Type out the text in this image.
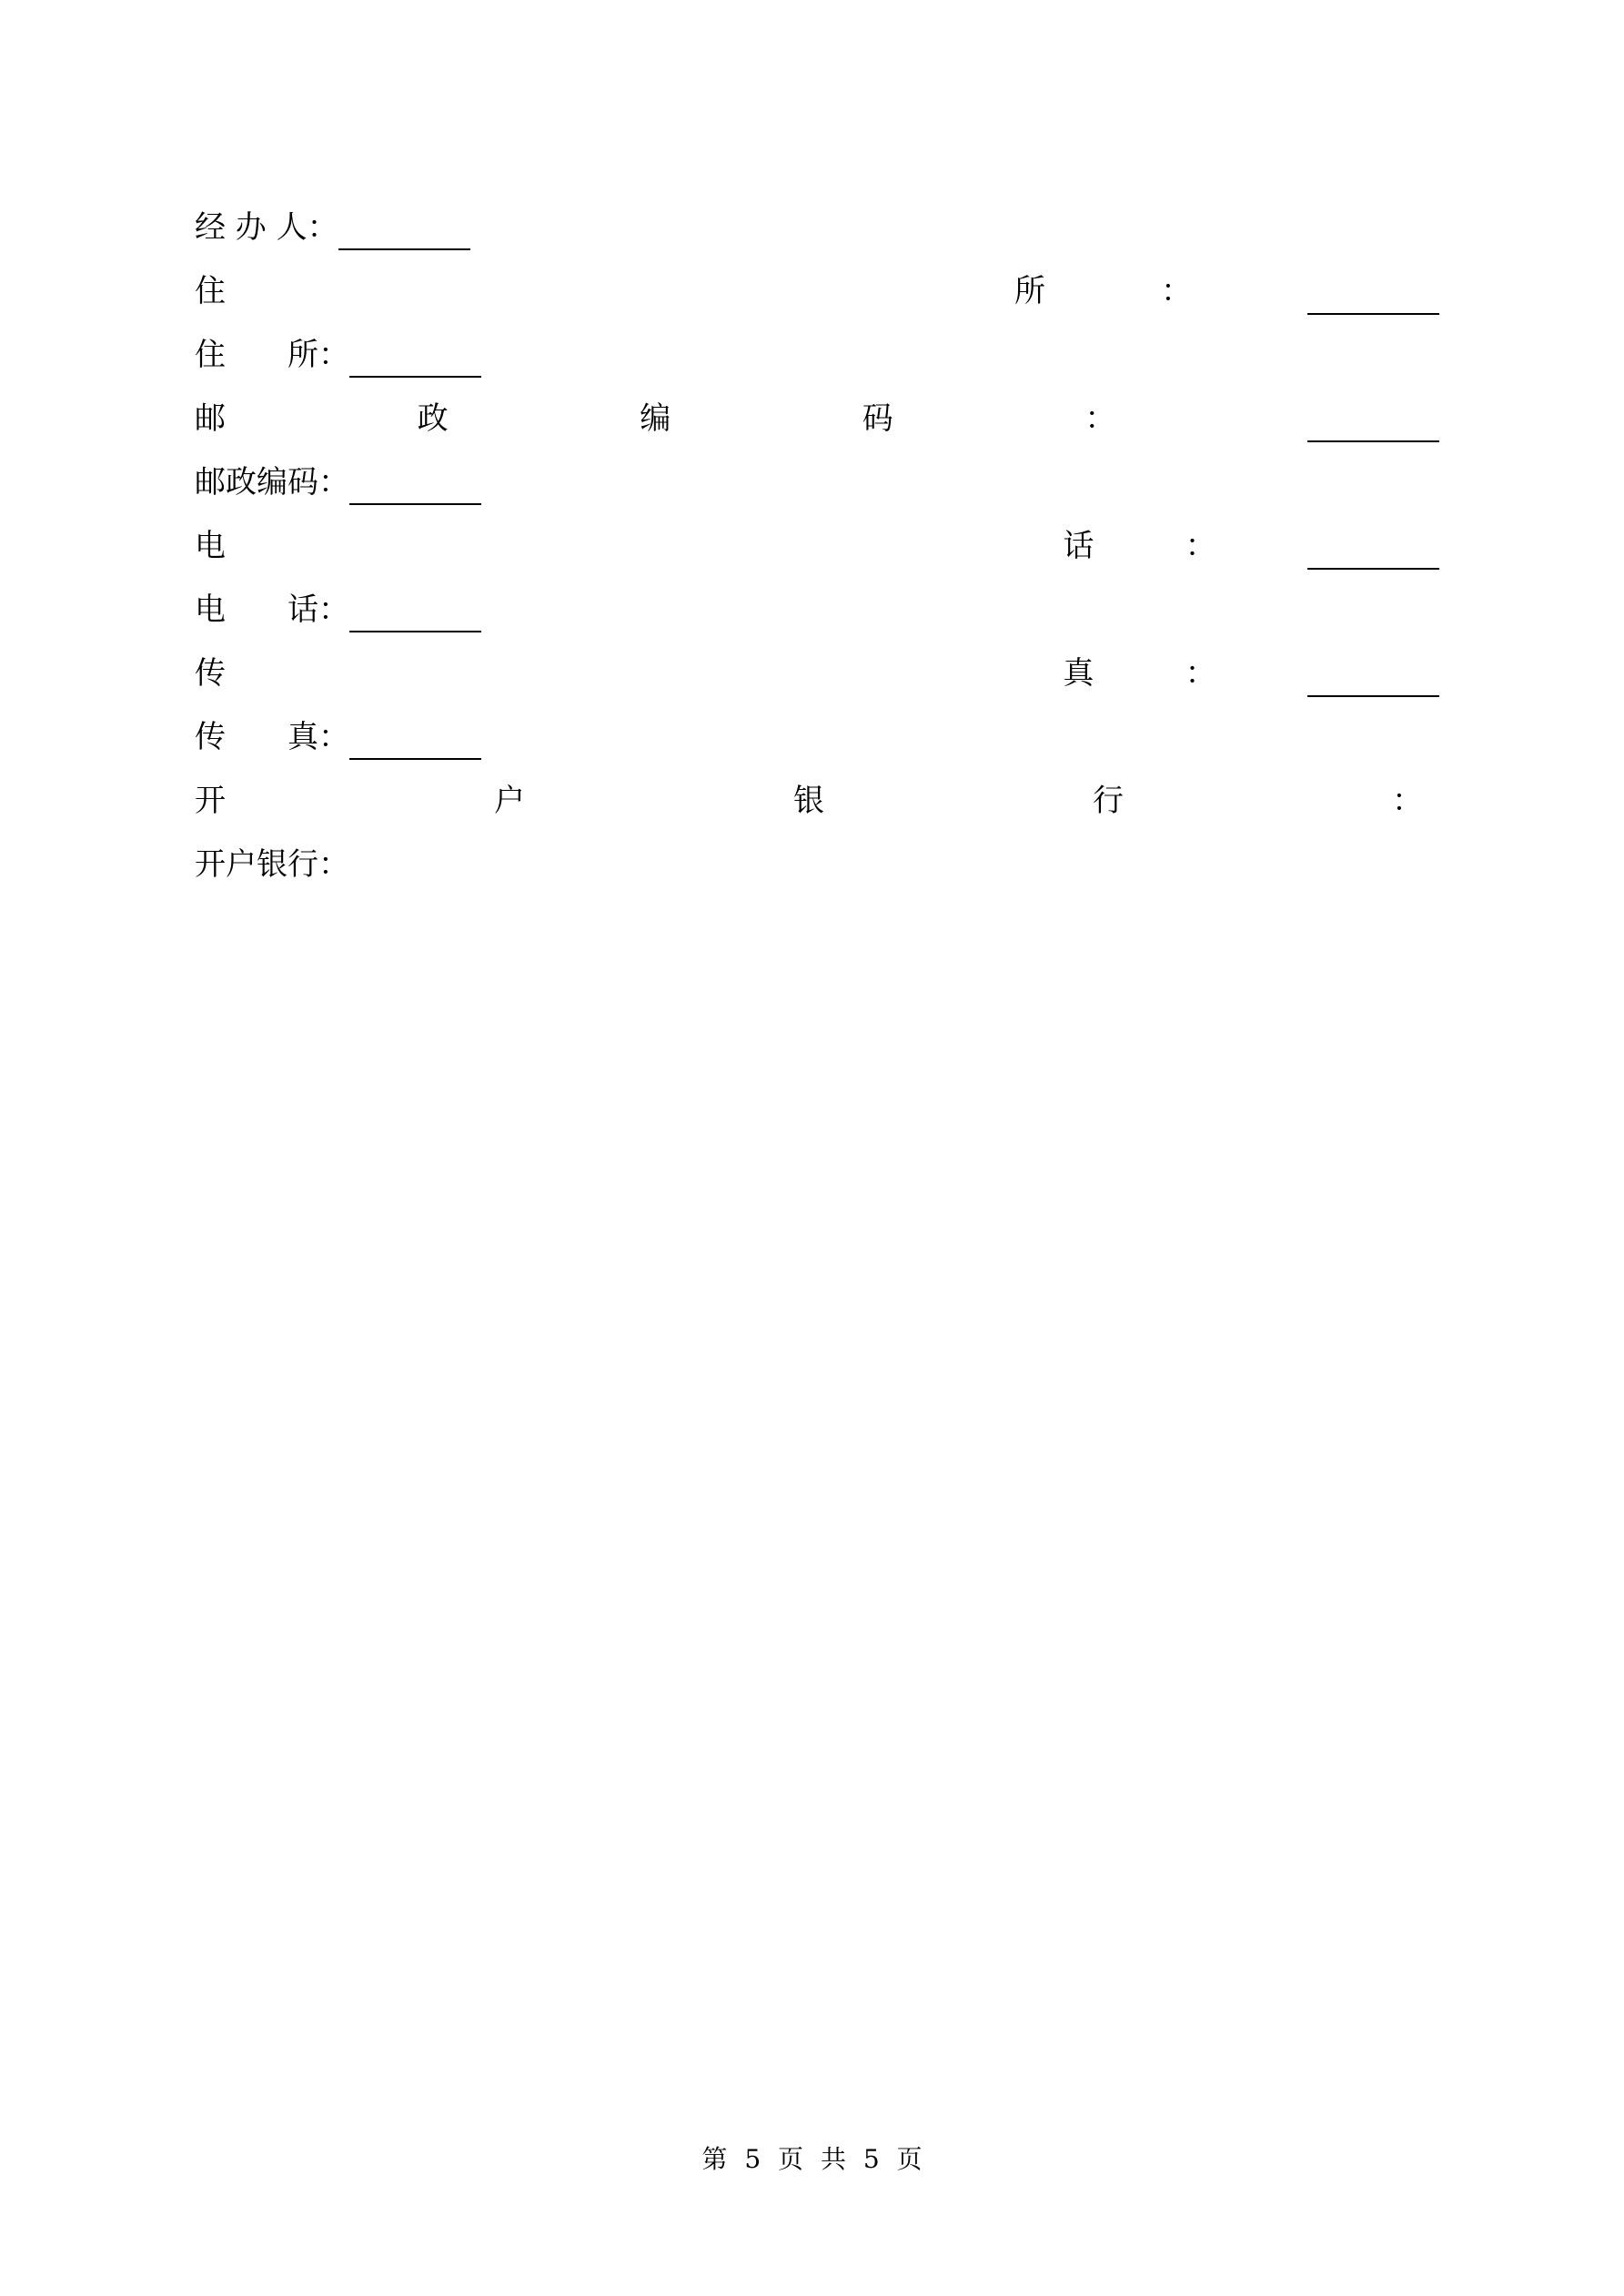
经 办 人：
住	所	：
住　　所：
邮	政	编	码	：
邮政编码：
电	话	：
电　　话：
传	真	：
传　　真：
开	户	银	行	：
开户银行：
第 5 页 共 5 页
